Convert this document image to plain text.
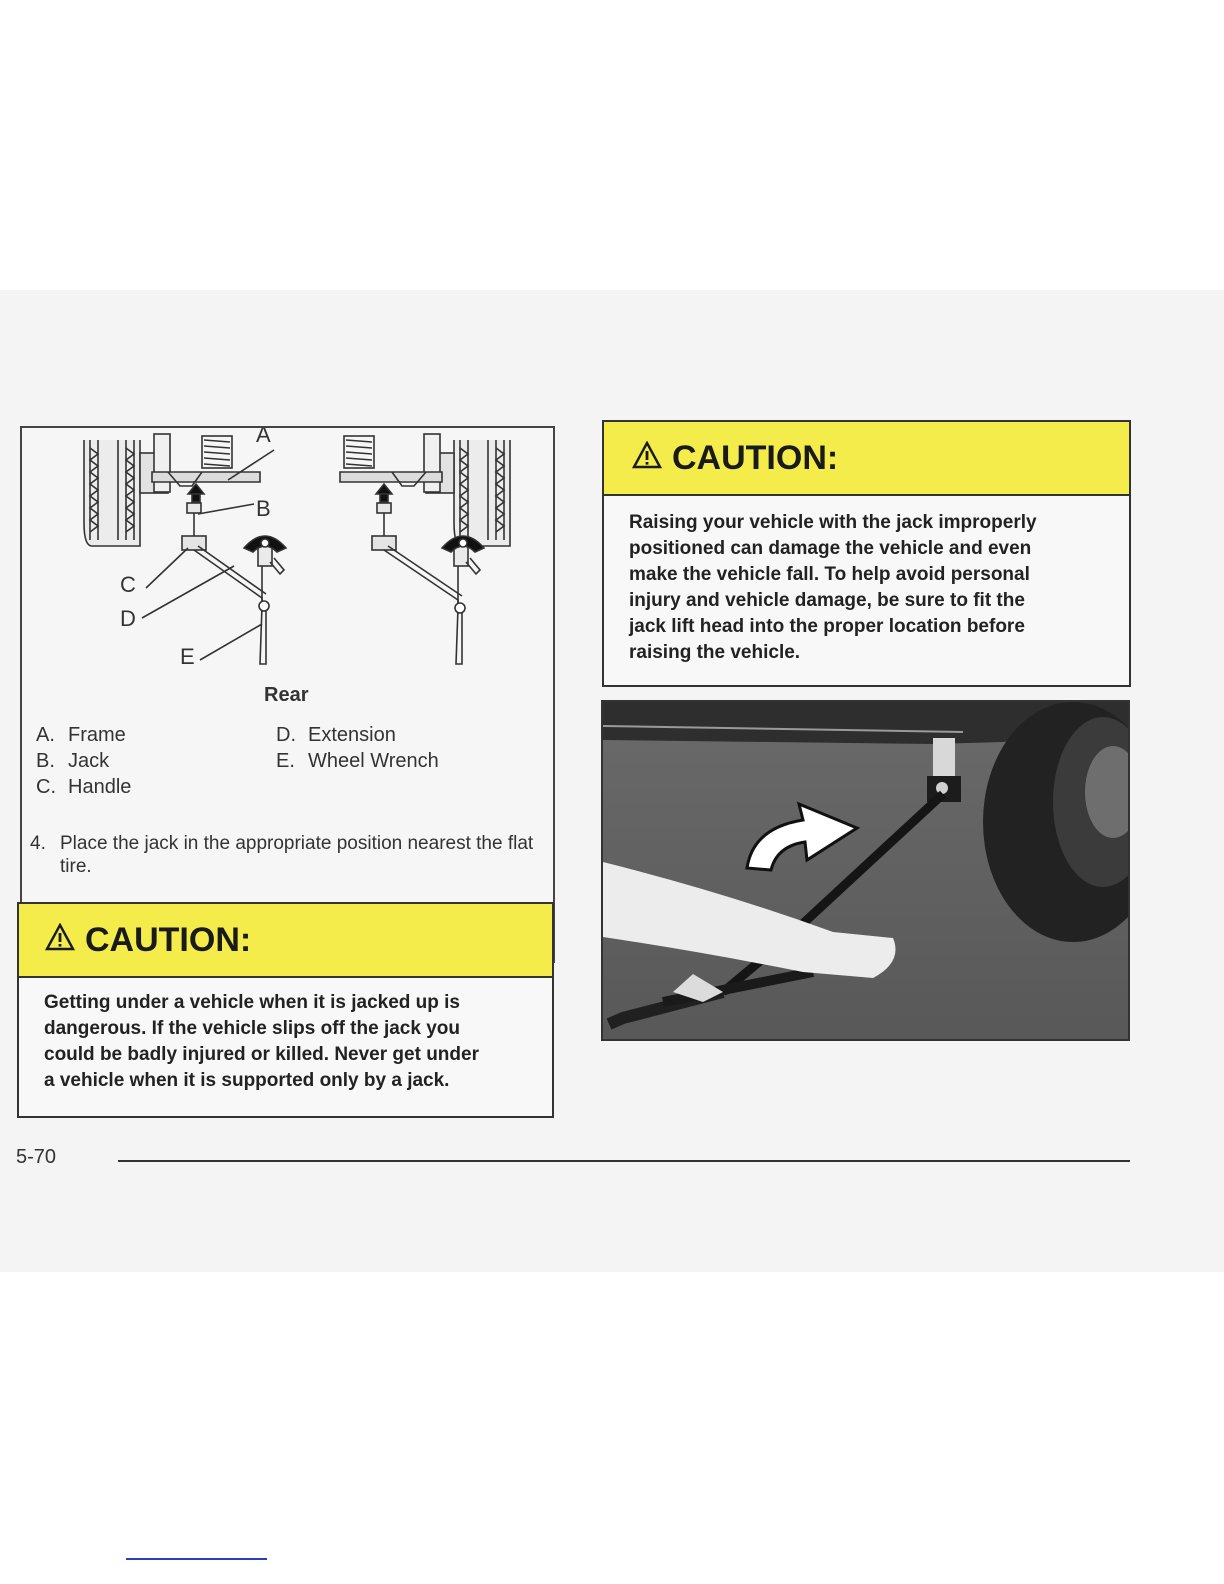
A
B
C
D
E
Rear
A. Frame
B. Jack
C. Handle
D. Extension
E. Wheel Wrench
4. Place the jack in the appropriate position nearest the flat tire.
CAUTION:
Getting under a vehicle when it is jacked up is
dangerous. If the vehicle slips off the jack you
could be badly injured or killed. Never get under
a vehicle when it is supported only by a jack.
CAUTION:
Raising your vehicle with the jack improperly
positioned can damage the vehicle and even
make the vehicle fall. To help avoid personal
injury and vehicle damage, be sure to fit the
jack lift head into the proper location before
raising the vehicle.
5-70
